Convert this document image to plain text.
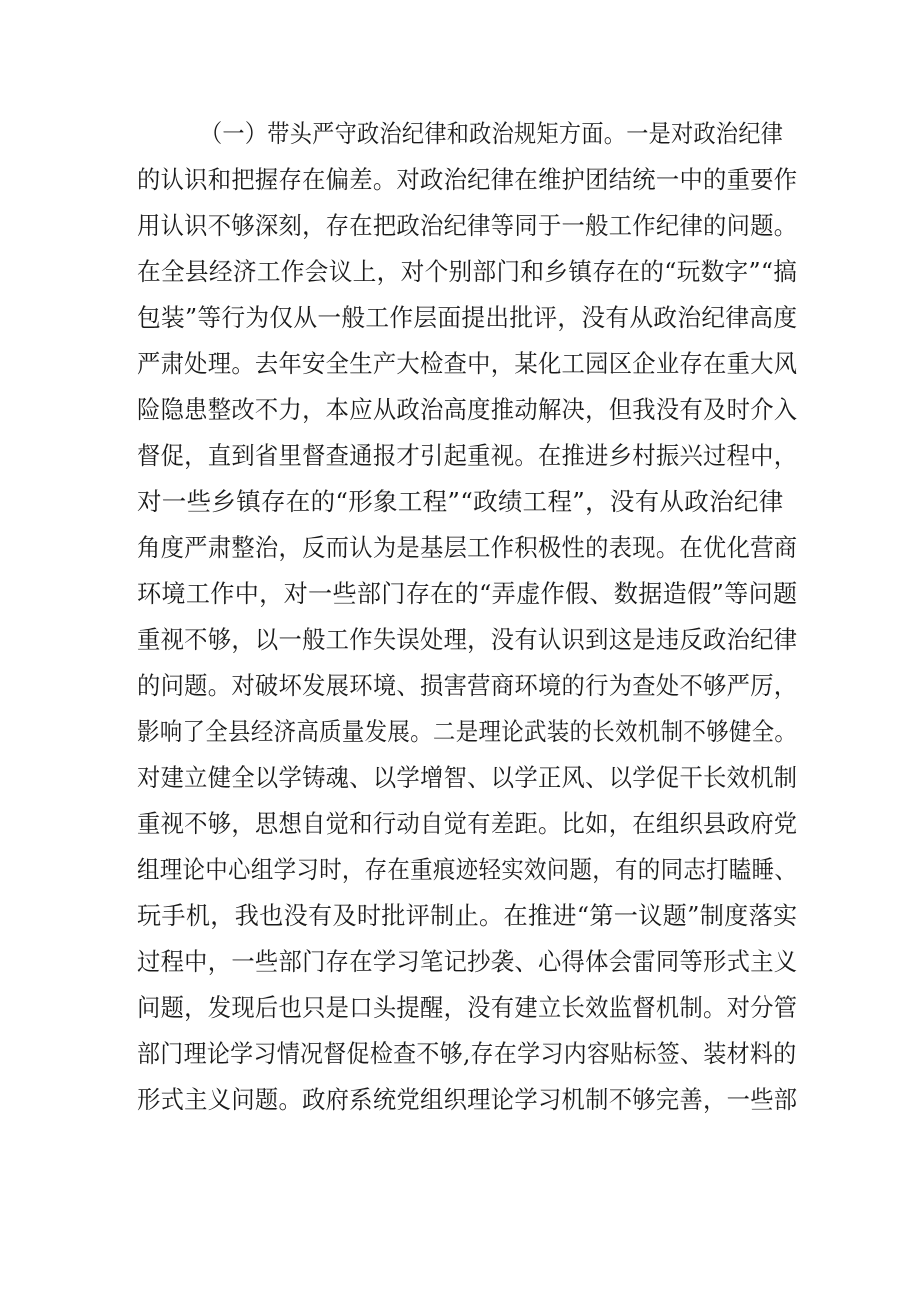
（一）带头严守政治纪律和政治规矩方面。一是对政治纪律
的认识和把握存在偏差。对政治纪律在维护团结统一中的重要作
用认识不够深刻，存在把政治纪律等同于一般工作纪律的问题。
在全县经济工作会议上，对个别部门和乡镇存在的“玩数字”“搞
包装”等行为仅从一般工作层面提出批评，没有从政治纪律高度
严肃处理。去年安全生产大检查中，某化工园区企业存在重大风
险隐患整改不力，本应从政治高度推动解决，但我没有及时介入
督促，直到省里督查通报才引起重视。在推进乡村振兴过程中，
对一些乡镇存在的“形象工程”“政绩工程”，没有从政治纪律
角度严肃整治，反而认为是基层工作积极性的表现。在优化营商
环境工作中，对一些部门存在的“弄虚作假、数据造假”等问题
重视不够，以一般工作失误处理，没有认识到这是违反政治纪律
的问题。对破坏发展环境、损害营商环境的行为查处不够严厉，
影响了全县经济高质量发展。二是理论武装的长效机制不够健全。
对建立健全以学铸魂、以学增智、以学正风、以学促干长效机制
重视不够，思想自觉和行动自觉有差距。比如，在组织县政府党
组理论中心组学习时，存在重痕迹轻实效问题，有的同志打瞌睡、
玩手机，我也没有及时批评制止。在推进“第一议题”制度落实
过程中，一些部门存在学习笔记抄袭、心得体会雷同等形式主义
问题，发现后也只是口头提醒，没有建立长效监督机制。对分管
部门理论学习情况督促检查不够,存在学习内容贴标签、装材料的
形式主义问题。政府系统党组织理论学习机制不够完善，一些部
